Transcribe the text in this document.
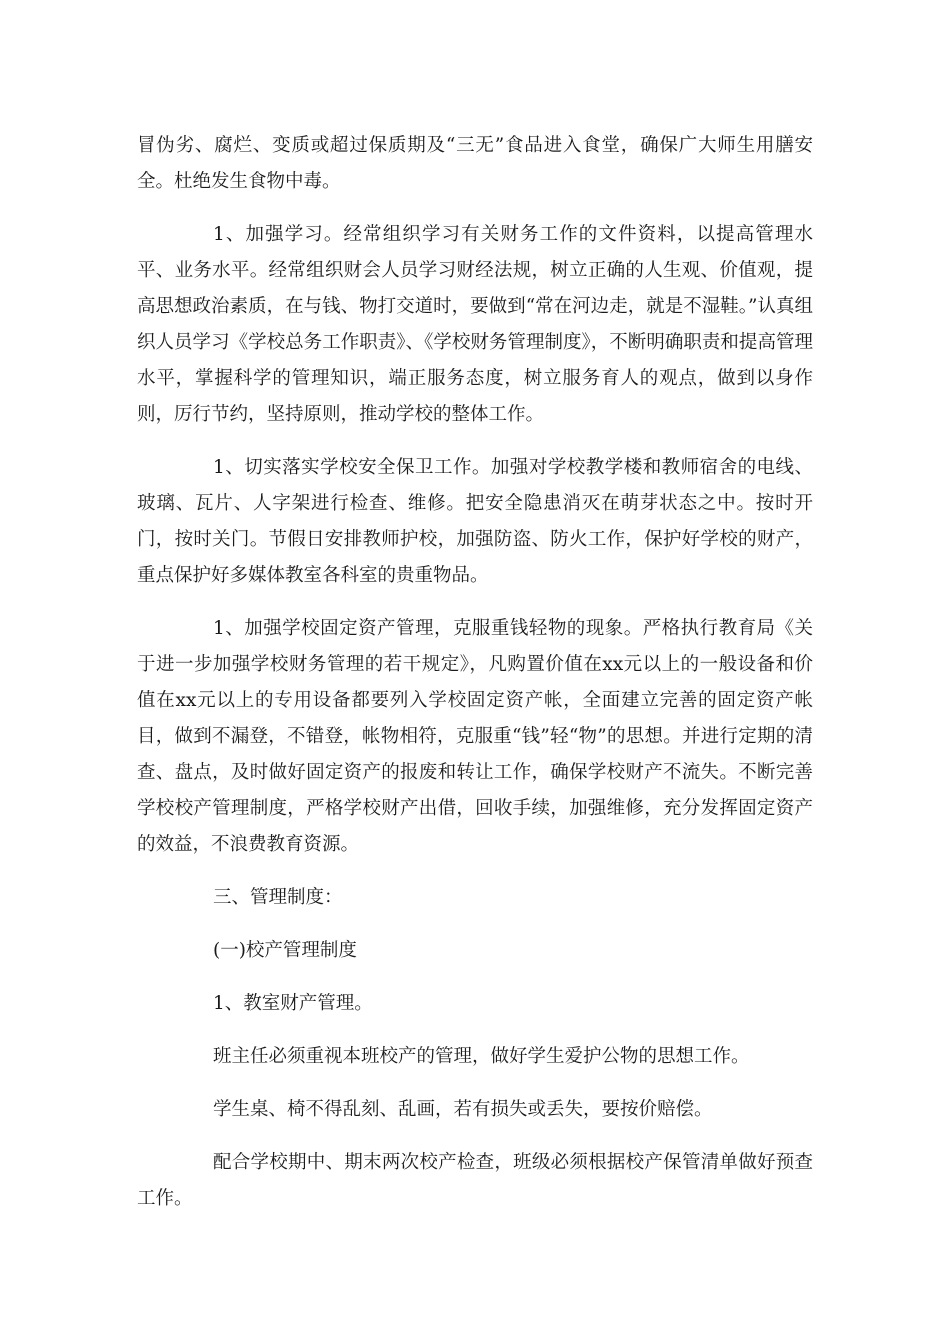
冒伪劣、腐烂、变质或超过保质期及“三无”食品进入食堂，确保广大师生用膳安全。杜绝发生食物中毒。

1、加强学习。经常组织学习有关财务工作的文件资料，以提高管理水平、业务水平。经常组织财会人员学习财经法规，树立正确的人生观、价值观，提高思想政治素质，在与钱、物打交道时，要做到“常在河边走，就是不湿鞋。”认真组织人员学习《学校总务工作职责》、《学校财务管理制度》，不断明确职责和提高管理水平，掌握科学的管理知识，端正服务态度，树立服务育人的观点，做到以身作则，厉行节约，坚持原则，推动学校的整体工作。

1、切实落实学校安全保卫工作。加强对学校教学楼和教师宿舍的电线、玻璃、瓦片、人字架进行检查、维修。把安全隐患消灭在萌芽状态之中。按时开门，按时关门。节假日安排教师护校，加强防盗、防火工作，保护好学校的财产，重点保护好多媒体教室各科室的贵重物品。

1、加强学校固定资产管理，克服重钱轻物的现象。严格执行教育局《关于进一步加强学校财务管理的若干规定》，凡购置价值在xx元以上的一般设备和价值在xx元以上的专用设备都要列入学校固定资产帐，全面建立完善的固定资产帐目，做到不漏登，不错登，帐物相符，克服重“钱”轻“物”的思想。并进行定期的清查、盘点，及时做好固定资产的报废和转让工作，确保学校财产不流失。不断完善学校校产管理制度，严格学校财产出借，回收手续，加强维修，充分发挥固定资产的效益，不浪费教育资源。

三、管理制度：

(一)校产管理制度

1、教室财产管理。

班主任必须重视本班校产的管理，做好学生爱护公物的思想工作。

学生桌、椅不得乱刻、乱画，若有损失或丢失，要按价赔偿。

配合学校期中、期末两次校产检查，班级必须根据校产保管清单做好预查工作。
